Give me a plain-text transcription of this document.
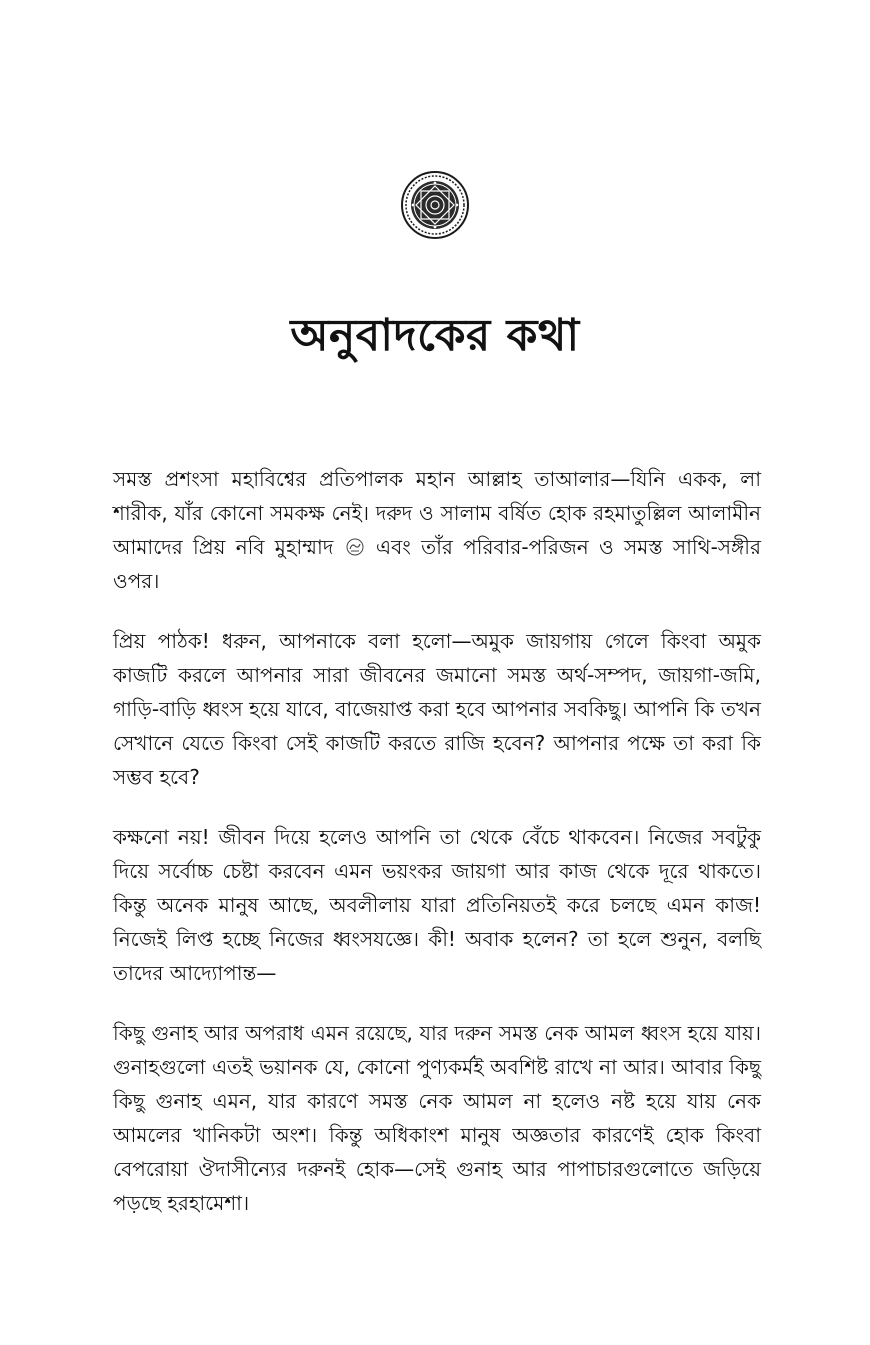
অনুবাদকের কথা

সমস্ত প্রশংসা মহাবিশ্বের প্রতিপালক মহান আল্লাহ তাআলার—যিনি একক, লা শারীক, যাঁর কোনো সমকক্ষ নেই। দরুদ ও সালাম বর্ষিত হোক রহমাতুল্লিল আলামীন আমাদের প্রিয় নবি মুহাম্মাদ এবং তাঁর পরিবার-পরিজন ও সমস্ত সাথি-সঙ্গীর ওপর।

প্রিয় পাঠক! ধরুন, আপনাকে বলা হলো—অমুক জায়গায় গেলে কিংবা অমুক কাজটি করলে আপনার সারা জীবনের জমানো সমস্ত অর্থ-সম্পদ, জায়গা-জমি, গাড়ি-বাড়ি ধ্বংস হয়ে যাবে, বাজেয়াপ্ত করা হবে আপনার সবকিছু। আপনি কি তখন সেখানে যেতে কিংবা সেই কাজটি করতে রাজি হবেন? আপনার পক্ষে তা করা কি সম্ভব হবে?

কক্ষনো নয়! জীবন দিয়ে হলেও আপনি তা থেকে বেঁচে থাকবেন। নিজের সবটুকু দিয়ে সর্বোচ্চ চেষ্টা করবেন এমন ভয়ংকর জায়গা আর কাজ থেকে দূরে থাকতে। কিন্তু অনেক মানুষ আছে, অবলীলায় যারা প্রতিনিয়তই করে চলছে এমন কাজ! নিজেই লিপ্ত হচ্ছে নিজের ধ্বংসযজ্ঞে। কী! অবাক হলেন? তা হলে শুনুন, বলছি তাদের আদ্যোপান্ত—

কিছু গুনাহ আর অপরাধ এমন রয়েছে, যার দরুন সমস্ত নেক আমল ধ্বংস হয়ে যায়। গুনাহগুলো এতই ভয়ানক যে, কোনো পুণ্যকর্মই অবশিষ্ট রাখে না আর। আবার কিছু কিছু গুনাহ এমন, যার কারণে সমস্ত নেক আমল না হলেও নষ্ট হয়ে যায় নেক আমলের খানিকটা অংশ। কিন্তু অধিকাংশ মানুষ অজ্ঞতার কারণেই হোক কিংবা বেপরোয়া ঔদাসীন্যের দরুনই হোক—সেই গুনাহ আর পাপাচারগুলোতে জড়িয়ে পড়ছে হরহামেশা।
